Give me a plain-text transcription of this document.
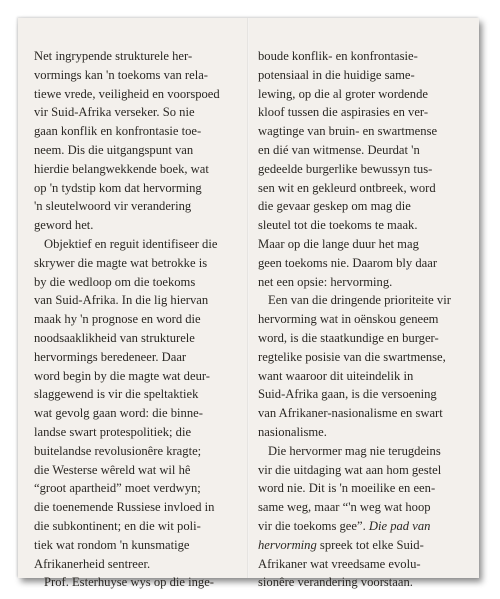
Net ingrypende strukturele her-
vormings kan 'n toekoms van rela-
tiewe vrede, veiligheid en voorspoed
vir Suid-Afrika verseker. So nie
gaan konflik en konfrontasie toe-
neem. Dis die uitgangspunt van
hierdie belangwekkende boek, wat
op 'n tydstip kom dat hervorming
'n sleutelwoord vir verandering
geword het.
Objektief en reguit identifiseer die
skrywer die magte wat betrokke is
by die wedloop om die toekoms
van Suid-Afrika. In die lig hiervan
maak hy 'n prognose en word die
noodsaaklikheid van strukturele
hervormings beredeneer. Daar
word begin by die magte wat deur-
slaggewend is vir die speltaktiek
wat gevolg gaan word: die binne-
landse swart protespolitiek; die
buitelandse revolusionêre kragte;
die Westerse wêreld wat wil hê
“groot apartheid” moet verdwyn;
die toenemende Russiese invloed in
die subkontinent; en die wit poli-
tiek wat rondom 'n kunsmatige
Afrikanerheid sentreer.
Prof. Esterhuyse wys op die inge-
boude konflik- en konfrontasie-
potensiaal in die huidige same-
lewing, op die al groter wordende
kloof tussen die aspirasies en ver-
wagtinge van bruin- en swartmense
en dié van witmense. Deurdat 'n
gedeelde burgerlike bewussyn tus-
sen wit en gekleurd ontbreek, word
die gevaar geskep om mag die
sleutel tot die toekoms te maak.
Maar op die lange duur het mag
geen toekoms nie. Daarom bly daar
net een opsie: hervorming.
Een van die dringende prioriteite vir
hervorming wat in oënskou geneem
word, is die staatkundige en burger-
regtelike posisie van die swartmense,
want waaroor dit uiteindelik in
Suid-Afrika gaan, is die versoening
van Afrikaner-nasionalisme en swart
nasionalisme.
Die hervormer mag nie terugdeins
vir die uitdaging wat aan hom gestel
word nie. Dit is 'n moeilike en een-
same weg, maar “'n weg wat hoop
vir die toekoms gee”. Die pad van
hervorming spreek tot elke Suid-
Afrikaner wat vreedsame evolu-
sionêre verandering voorstaan.
